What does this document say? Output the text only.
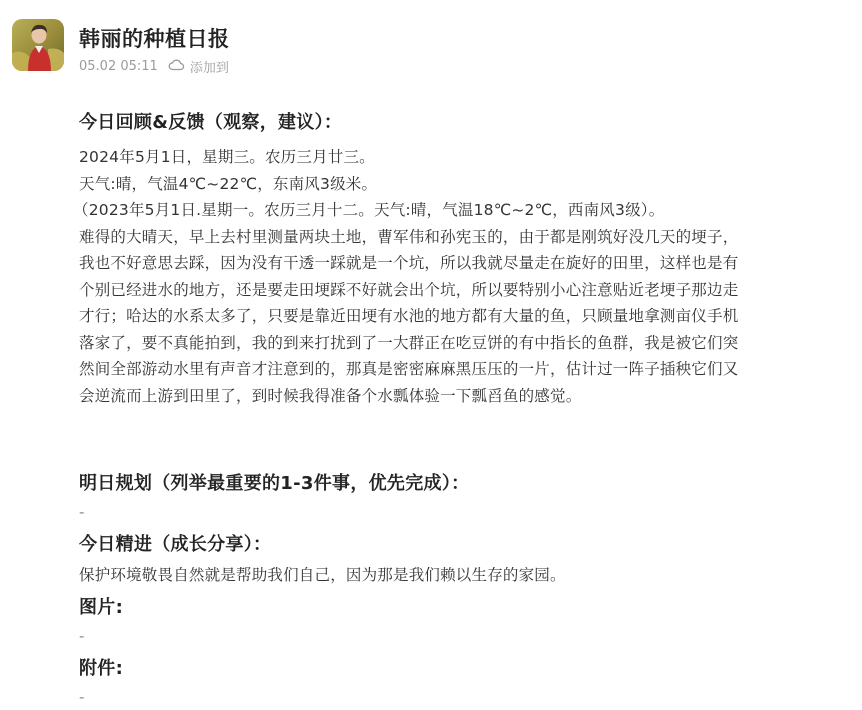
韩丽的种植日报
05.02 05:11 添加到
今日回顾&反馈（观察，建议）：
2024年5月1日，星期三。农历三月廿三。
天气:晴，气温4℃~22℃，东南风3级米。
（2023年5月1日.星期一。农历三月十二。天气:晴，气温18℃~2℃，西南风3级）。
难得的大晴天，早上去村里测量两块土地，曹军伟和孙宪玉的，由于都是刚筑好没几天的埂子，
我也不好意思去踩，因为没有干透一踩就是一个坑，所以我就尽量走在旋好的田里，这样也是有
个别已经进水的地方，还是要走田埂踩不好就会出个坑，所以要特别小心注意贴近老埂子那边走
才行；哈达的水系太多了，只要是靠近田埂有水池的地方都有大量的鱼，只顾量地拿测亩仪手机
落家了，要不真能拍到，我的到来打扰到了一大群正在吃豆饼的有中指长的鱼群，我是被它们突
然间全部游动水里有声音才注意到的，那真是密密麻麻黑压压的一片，估计过一阵子插秧它们又
会逆流而上游到田里了，到时候我得准备个水瓢体验一下瓢舀鱼的感觉。
明日规划（列举最重要的1-3件事，优先完成）：
-
今日精进（成长分享）：
保护环境敬畏自然就是帮助我们自己，因为那是我们赖以生存的家园。
图片:
-
附件:
-
